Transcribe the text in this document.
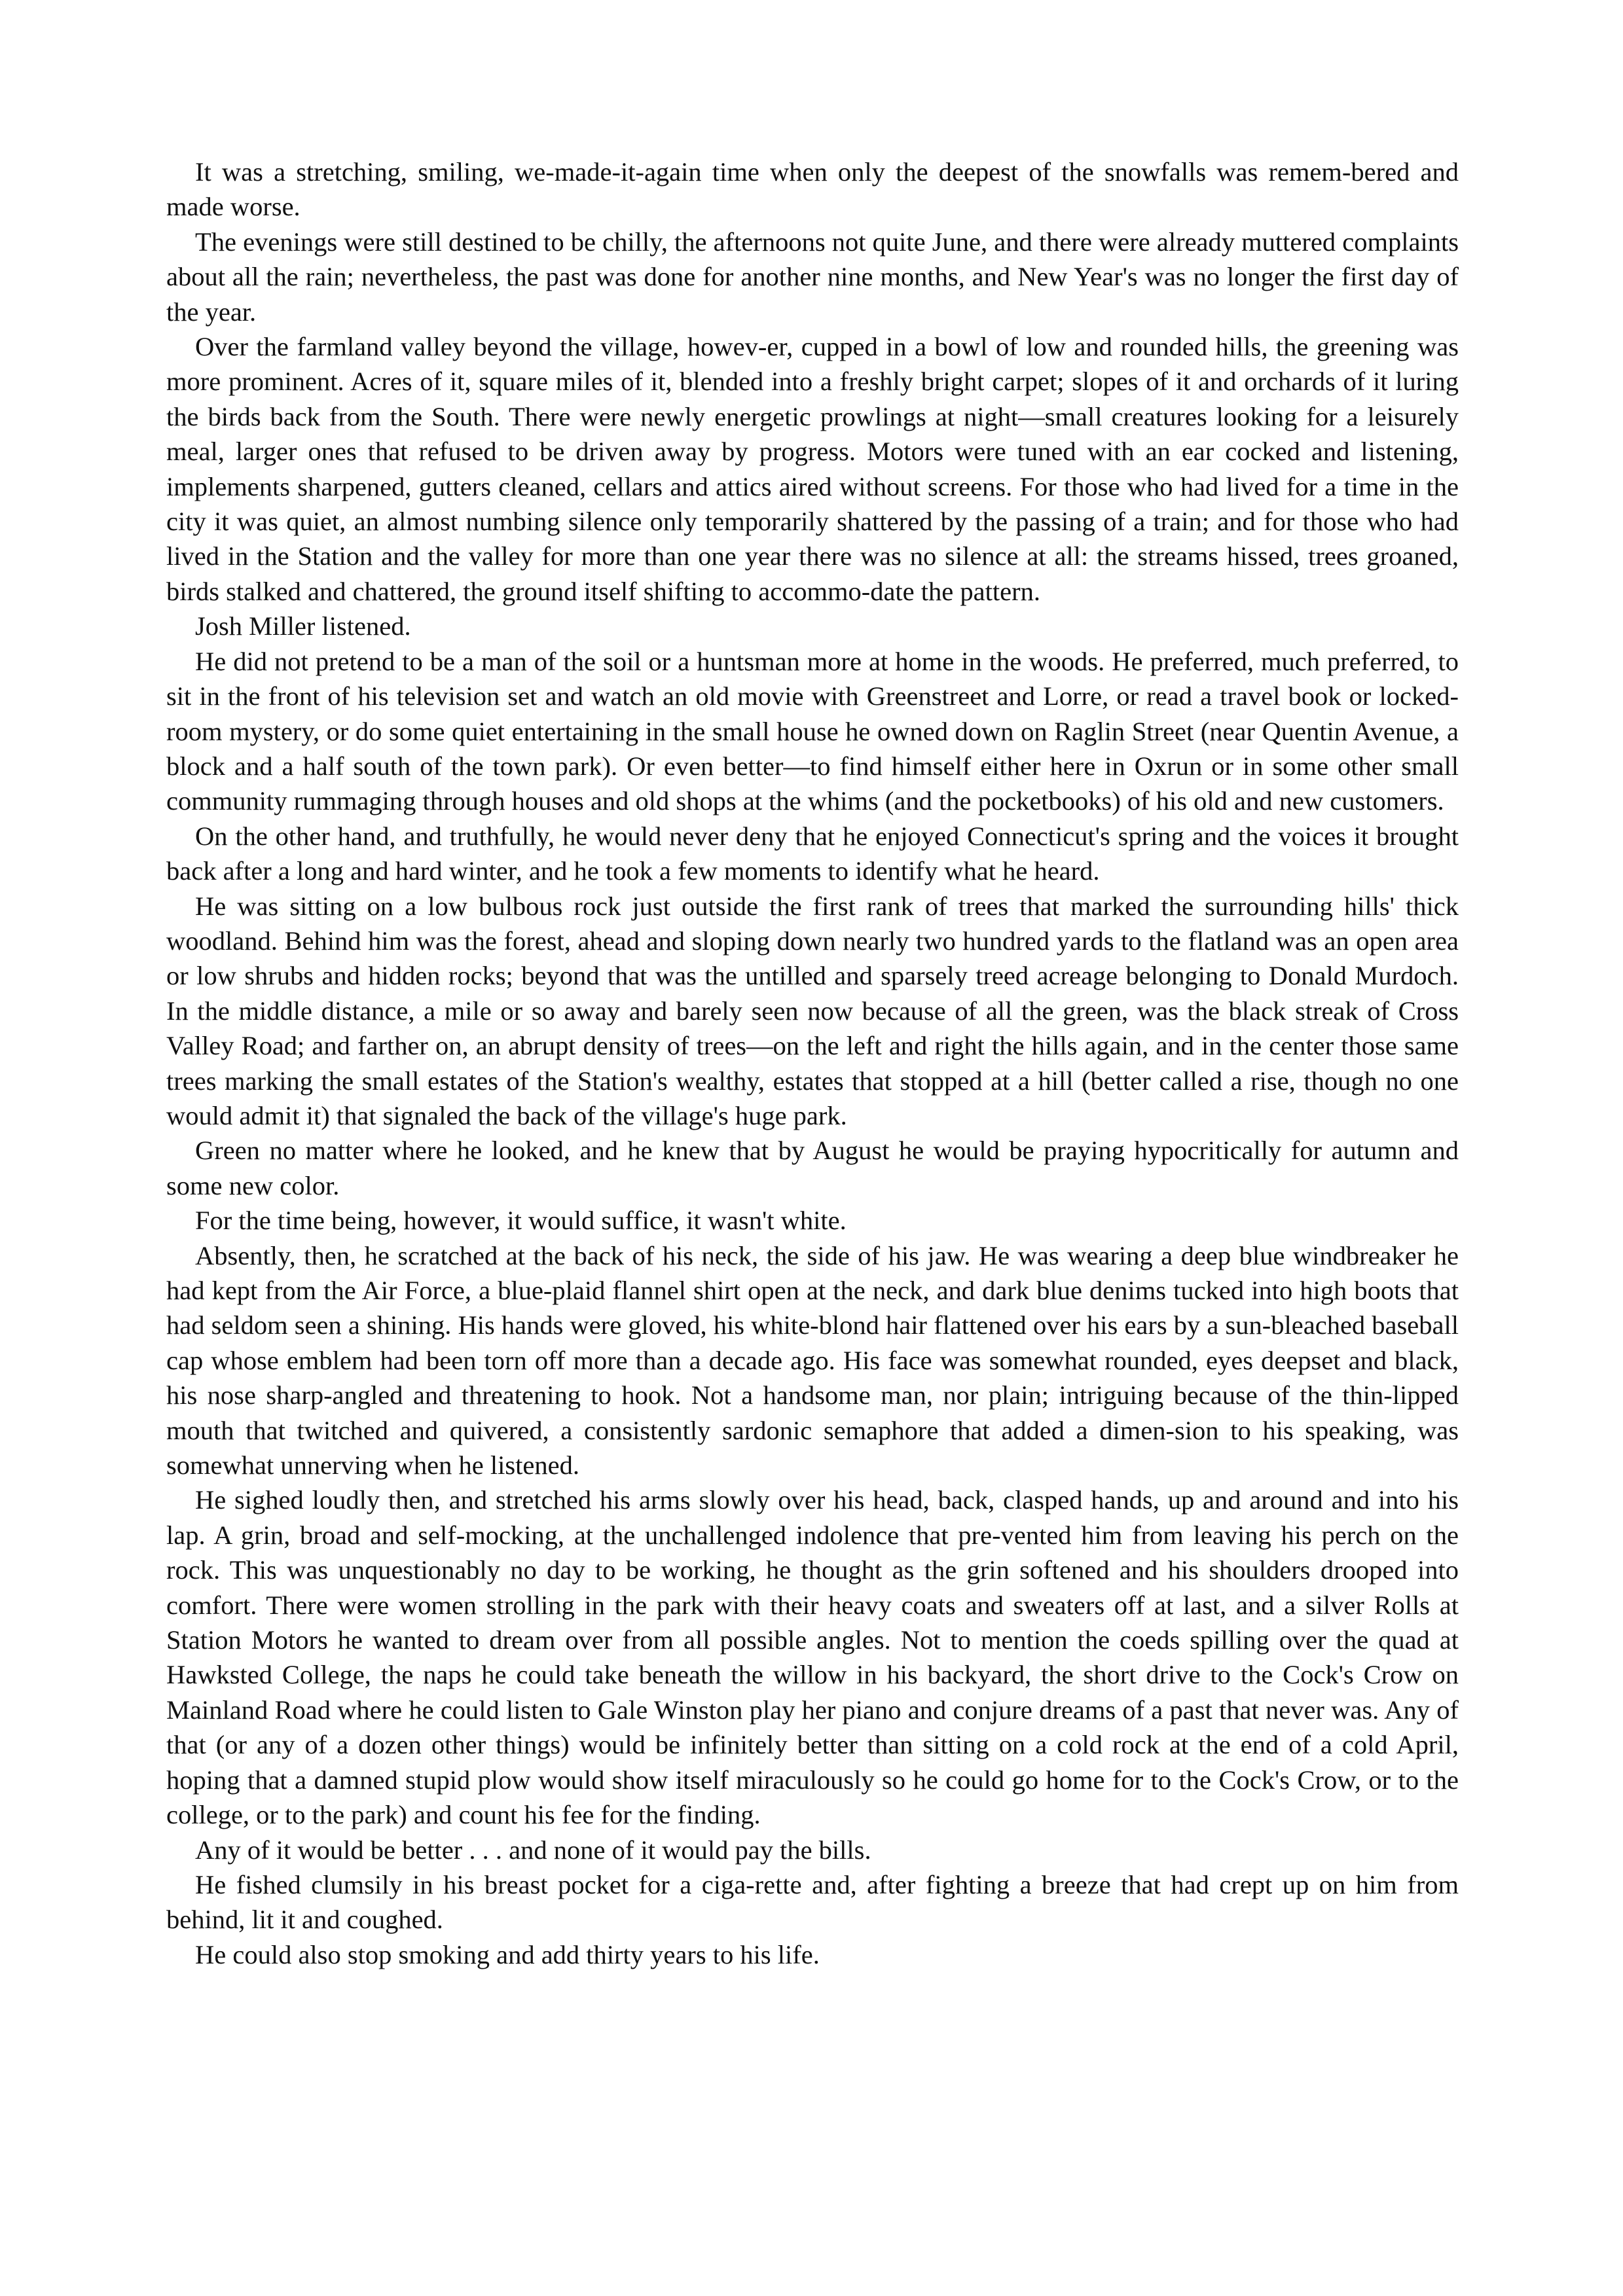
It was a stretching, smiling, we-made-it-again time when only the deepest of the snowfalls was remem-bered and made worse.

The evenings were still destined to be chilly, the afternoons not quite June, and there were already muttered complaints about all the rain; nevertheless, the past was done for another nine months, and New Year's was no longer the first day of the year.

Over the farmland valley beyond the village, howev-er, cupped in a bowl of low and rounded hills, the greening was more prominent. Acres of it, square miles of it, blended into a freshly bright carpet; slopes of it and orchards of it luring the birds back from the South. There were newly energetic prowlings at night—small creatures looking for a leisurely meal, larger ones that refused to be driven away by progress. Motors were tuned with an ear cocked and listening, implements sharpened, gutters cleaned, cellars and attics aired without screens. For those who had lived for a time in the city it was quiet, an almost numbing silence only temporarily shattered by the passing of a train; and for those who had lived in the Station and the valley for more than one year there was no silence at all: the streams hissed, trees groaned, birds stalked and chattered, the ground itself shifting to accommo-date the pattern.

Josh Miller listened.

He did not pretend to be a man of the soil or a huntsman more at home in the woods. He preferred, much preferred, to sit in the front of his television set and watch an old movie with Greenstreet and Lorre, or read a travel book or locked-room mystery, or do some quiet entertaining in the small house he owned down on Raglin Street (near Quentin Avenue, a block and a half south of the town park). Or even better—to find himself either here in Oxrun or in some other small community rummaging through houses and old shops at the whims (and the pocketbooks) of his old and new customers.

On the other hand, and truthfully, he would never deny that he enjoyed Connecticut's spring and the voices it brought back after a long and hard winter, and he took a few moments to identify what he heard.

He was sitting on a low bulbous rock just outside the first rank of trees that marked the surrounding hills' thick woodland. Behind him was the forest, ahead and sloping down nearly two hundred yards to the flatland was an open area or low shrubs and hidden rocks; beyond that was the untilled and sparsely treed acreage belonging to Donald Murdoch. In the middle distance, a mile or so away and barely seen now because of all the green, was the black streak of Cross Valley Road; and farther on, an abrupt density of trees—on the left and right the hills again, and in the center those same trees marking the small estates of the Station's wealthy, estates that stopped at a hill (better called a rise, though no one would admit it) that signaled the back of the village's huge park.

Green no matter where he looked, and he knew that by August he would be praying hypocritically for autumn and some new color.

For the time being, however, it would suffice, it wasn't white.

Absently, then, he scratched at the back of his neck, the side of his jaw. He was wearing a deep blue windbreaker he had kept from the Air Force, a blue-plaid flannel shirt open at the neck, and dark blue denims tucked into high boots that had seldom seen a shining. His hands were gloved, his white-blond hair flattened over his ears by a sun-bleached baseball cap whose emblem had been torn off more than a decade ago. His face was somewhat rounded, eyes deepset and black, his nose sharp-angled and threatening to hook. Not a handsome man, nor plain; intriguing because of the thin-lipped mouth that twitched and quivered, a consistently sardonic semaphore that added a dimen-sion to his speaking, was somewhat unnerving when he listened.

He sighed loudly then, and stretched his arms slowly over his head, back, clasped hands, up and around and into his lap. A grin, broad and self-mocking, at the unchallenged indolence that pre-vented him from leaving his perch on the rock. This was unquestionably no day to be working, he thought as the grin softened and his shoulders drooped into comfort. There were women strolling in the park with their heavy coats and sweaters off at last, and a silver Rolls at Station Motors he wanted to dream over from all possible angles. Not to mention the coeds spilling over the quad at Hawksted College, the naps he could take beneath the willow in his backyard, the short drive to the Cock's Crow on Mainland Road where he could listen to Gale Winston play her piano and conjure dreams of a past that never was. Any of that (or any of a dozen other things) would be infinitely better than sitting on a cold rock at the end of a cold April, hoping that a damned stupid plow would show itself miraculously so he could go home for to the Cock's Crow, or to the college, or to the park) and count his fee for the finding.

Any of it would be better . . . and none of it would pay the bills.

He fished clumsily in his breast pocket for a ciga-rette and, after fighting a breeze that had crept up on him from behind, lit it and coughed.

He could also stop smoking and add thirty years to his life.
